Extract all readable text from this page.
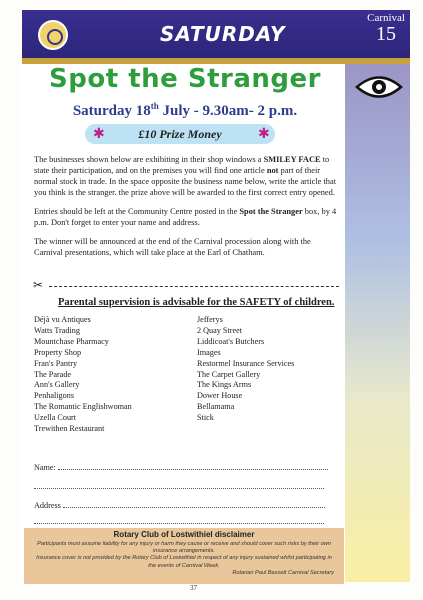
SATURDAY
Carnival
15
Spot the Stranger
Saturday 18th July - 9.30am- 2 p.m.
£10 Prize Money
✱	✱
The businesses shown below are exhibiting in their shop windows a SMILEY FACE to state their participation, and on the premises you will find one article not part of their normal stock in trade. In the space opposite the business name below, write the article that you think is the stranger. the prize above will be awarded to the first correct entry opened.
Entries should be left at the Community Centre posted in the Spot the Stranger box, by 4 p.m. Don't forget to enter your name and address.
The winner will be announced at the end of the Carnival procession along with the Carnival presentations, which will take place at the Earl of Chatham.
✂
Parental supervision is advisable for the SAFETY of children.
Déjà vu Antiques
Watts Trading
Mountchase Pharmacy
Property Shop
Fran's Pantry
The Parade
Ann's Gallery
Penhaligons
The Romantic Englishwoman
Uzella Court
Trewithen Restaurant
Jefferys
2 Quay Street
Liddicoat's Butchers
Images
Restormel Insurance Services
The Carpet Gallery
The Kings Arms
Dower House
Bellamama
Stick
Name:
Address
Rotary Club of Lostwithiel disclaimer
Participants must assume liability for any injury or harm they cause or receive and should cover such risks by their own insurance arrangements.
Insurance cover is not provided by the Rotary Club of Lostwithiel in respect of any injury sustained whilst participating in the events of Carnival Week.
Rotarian Paul Bassett Carnival Secretary
37
